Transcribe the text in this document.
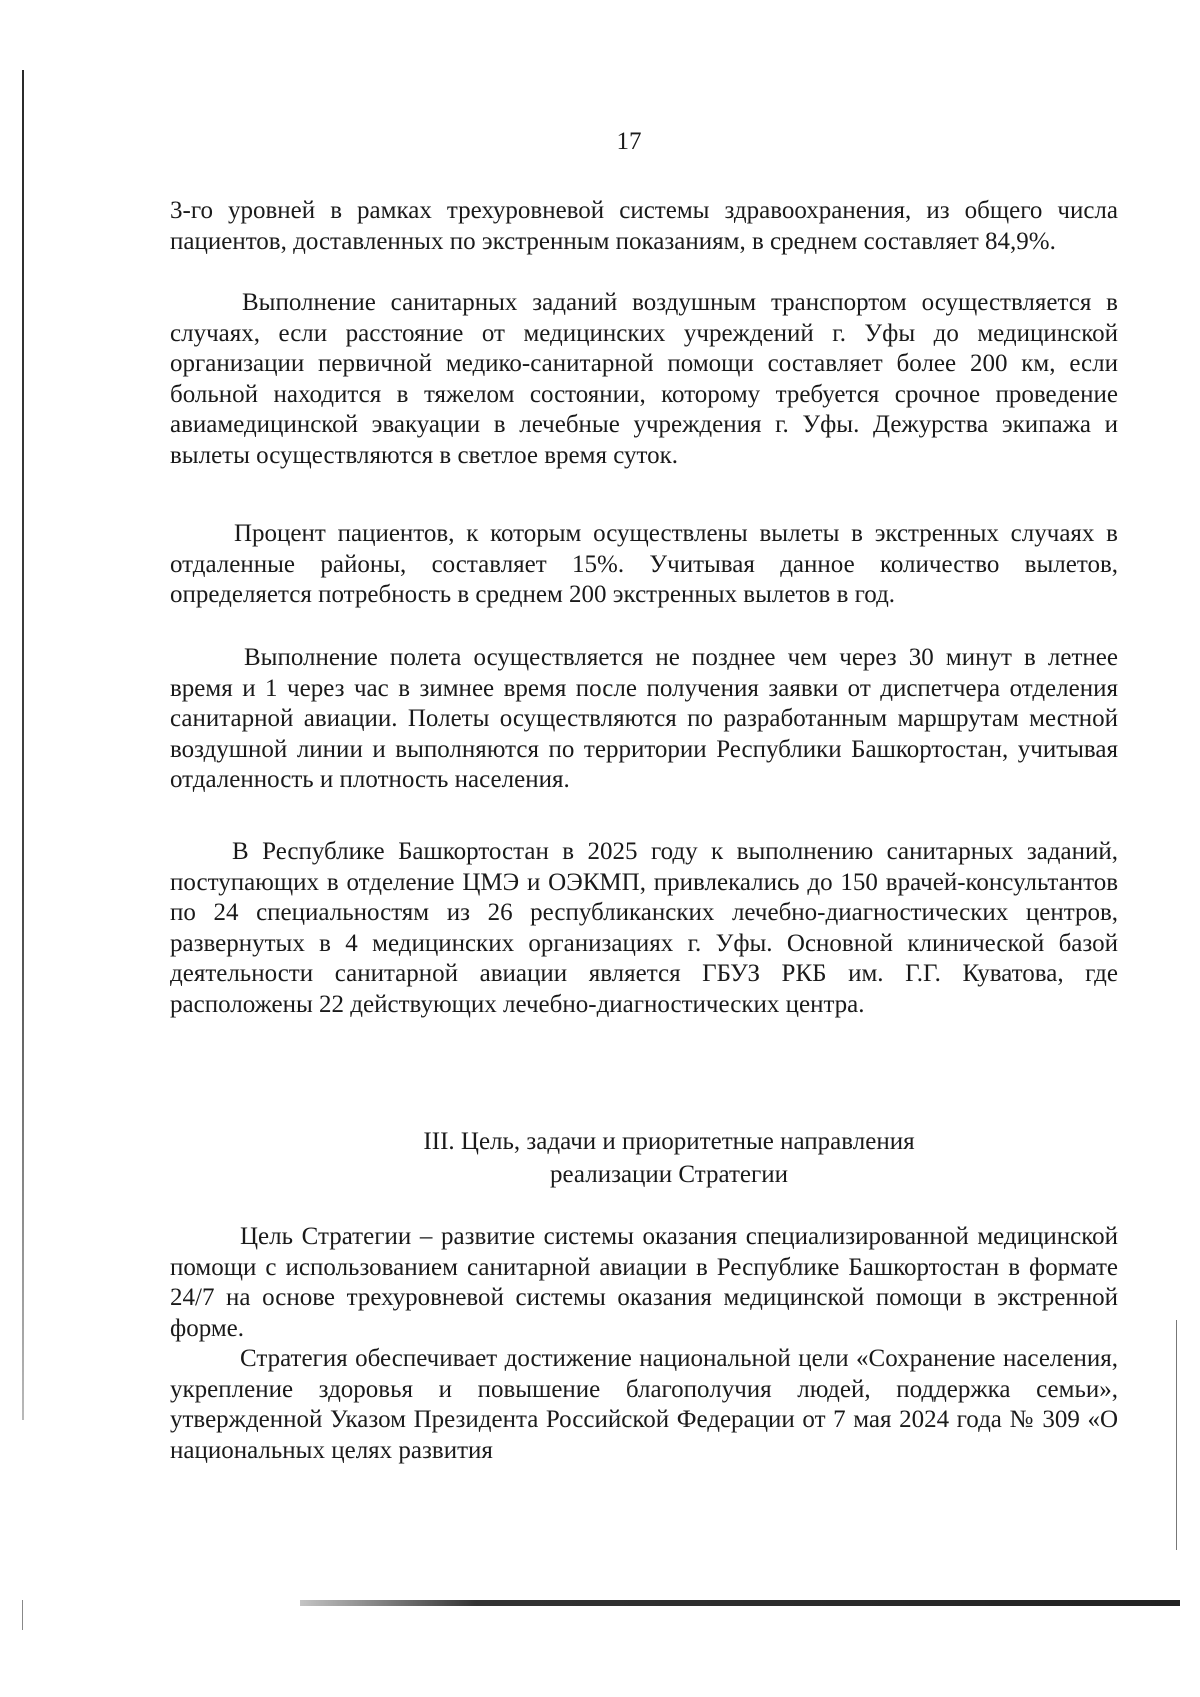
17

3-го уровней в рамках трехуровневой системы здравоохранения, из общего числа пациентов, доставленных по экстренным показаниям, в среднем составляет 84,9%.

Выполнение санитарных заданий воздушным транспортом осуществляется в случаях, если расстояние от медицинских учреждений г. Уфы до медицинской организации первичной медико-санитарной помощи составляет более 200 км, если больной находится в тяжелом состоянии, которому требуется срочное проведение авиамедицинской эвакуации в лечебные учреждения г. Уфы. Дежурства экипажа и вылеты осуществляются в светлое время суток.

Процент пациентов, к которым осуществлены вылеты в экстренных случаях в отдаленные районы, составляет 15%. Учитывая данное количество вылетов, определяется потребность в среднем 200 экстренных вылетов в год.

Выполнение полета осуществляется не позднее чем через 30 минут в летнее время и 1 через час в зимнее время после получения заявки от диспетчера отделения санитарной авиации. Полеты осуществляются по разработанным маршрутам местной воздушной линии и выполняются по территории Республики Башкортостан, учитывая отдаленность и плотность населения.

В Республике Башкортостан в 2025 году к выполнению санитарных заданий, поступающих в отделение ЦМЭ и ОЭКМП, привлекались до 150 врачей-консультантов по 24 специальностям из 26 республиканских лечебно-диагностических центров, развернутых в 4 медицинских организациях г. Уфы. Основной клинической базой деятельности санитарной авиации является ГБУЗ РКБ им. Г.Г. Куватова, где расположены 22 действующих лечебно-диагностических центра.

III. Цель, задачи и приоритетные направления
реализации Стратегии

Цель Стратегии – развитие системы оказания специализированной медицинской помощи с использованием санитарной авиации в Республике Башкортостан в формате 24/7 на основе трехуровневой системы оказания медицинской помощи в экстренной форме.

Стратегия обеспечивает достижение национальной цели «Сохранение населения, укрепление здоровья и повышение благополучия людей, поддержка семьи», утвержденной Указом Президента Российской Федерации от 7 мая 2024 года № 309 «О национальных целях развития
